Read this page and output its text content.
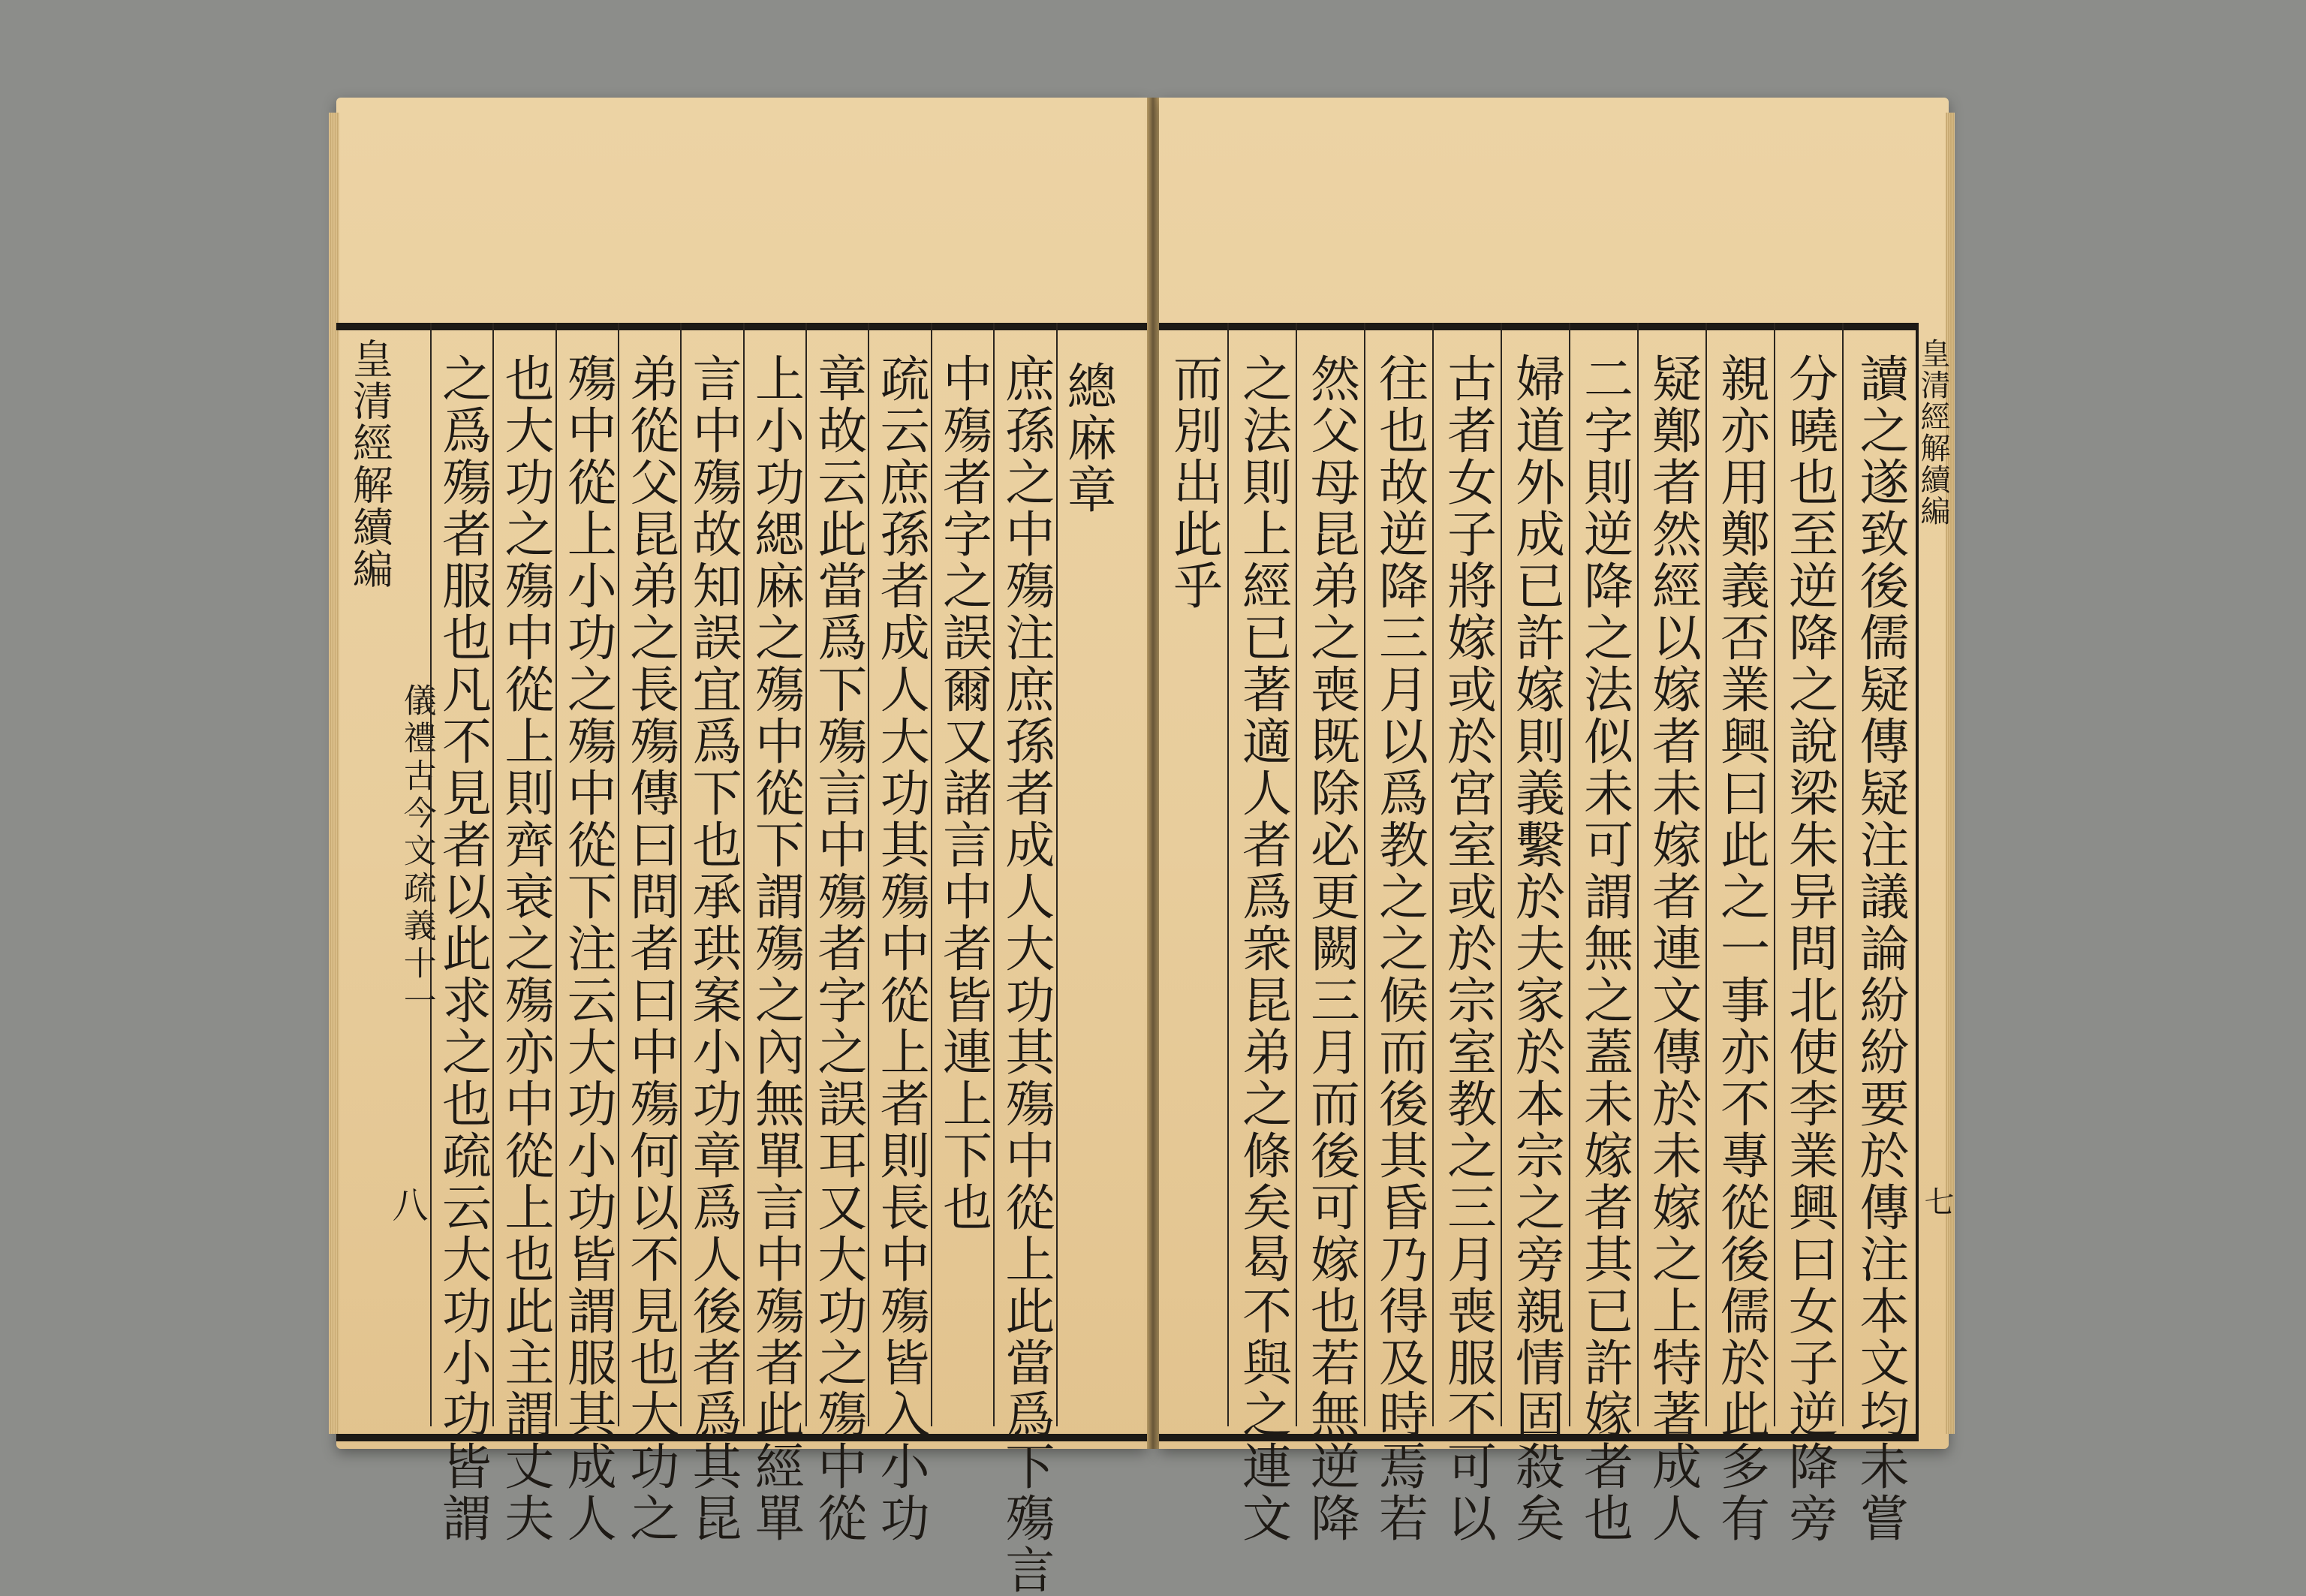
皇清經解續編
儀禮古今文疏義十一
之爲殤者服也凡不見者以此求之也疏云大功小功皆謂 也大功之殤中從上則齊衰之殤亦中從上也此主謂丈夫 殤中從上小功之殤中從下注云大功小功皆謂服其成人 弟從父昆弟之長殤傳曰問者曰中殤何以不見也大功之 言中殤故知誤宜爲下也承珙案小功章爲人後者爲其昆 上小功緦麻之殤中從下謂殤之內無單言中殤者此經單 章故云此當爲下殤言中殤者字之誤耳又大功之殤中從 疏云庶孫者成人大功其殤中從上者則長中殤皆入小功 中殤者字之誤爾又諸言中者皆連上下也 庶孫之中殤注庶孫者成人大功其殤中從上此當爲下殤言 總麻章
八
而別出此乎 之法則上經已著適人者爲衆昆弟之條矣曷不與之連文 然父母昆弟之喪既除必更闕三月而後可嫁也若無逆降 往也故逆降三月以爲教之之候而後其昏乃得及時焉若 古者女子將嫁或於宮室或於宗室教之三月喪服不可以 婦道外成已許嫁則義繫於夫家於本宗之旁親情固殺矣 二字則逆降之法似未可謂無之蓋未嫁者其已許嫁者也 疑鄭者然經以嫁者未嫁者連文傳於未嫁之上特著成人 親亦用鄭義否業興曰此之一事亦不專從後儒於此多有 分曉也至逆降之說梁朱异問北使李業興曰女子逆降旁 讀之遂致後儒疑傳疑注議論紛紛要於傳注本文均未嘗 皇清經解續編
七
